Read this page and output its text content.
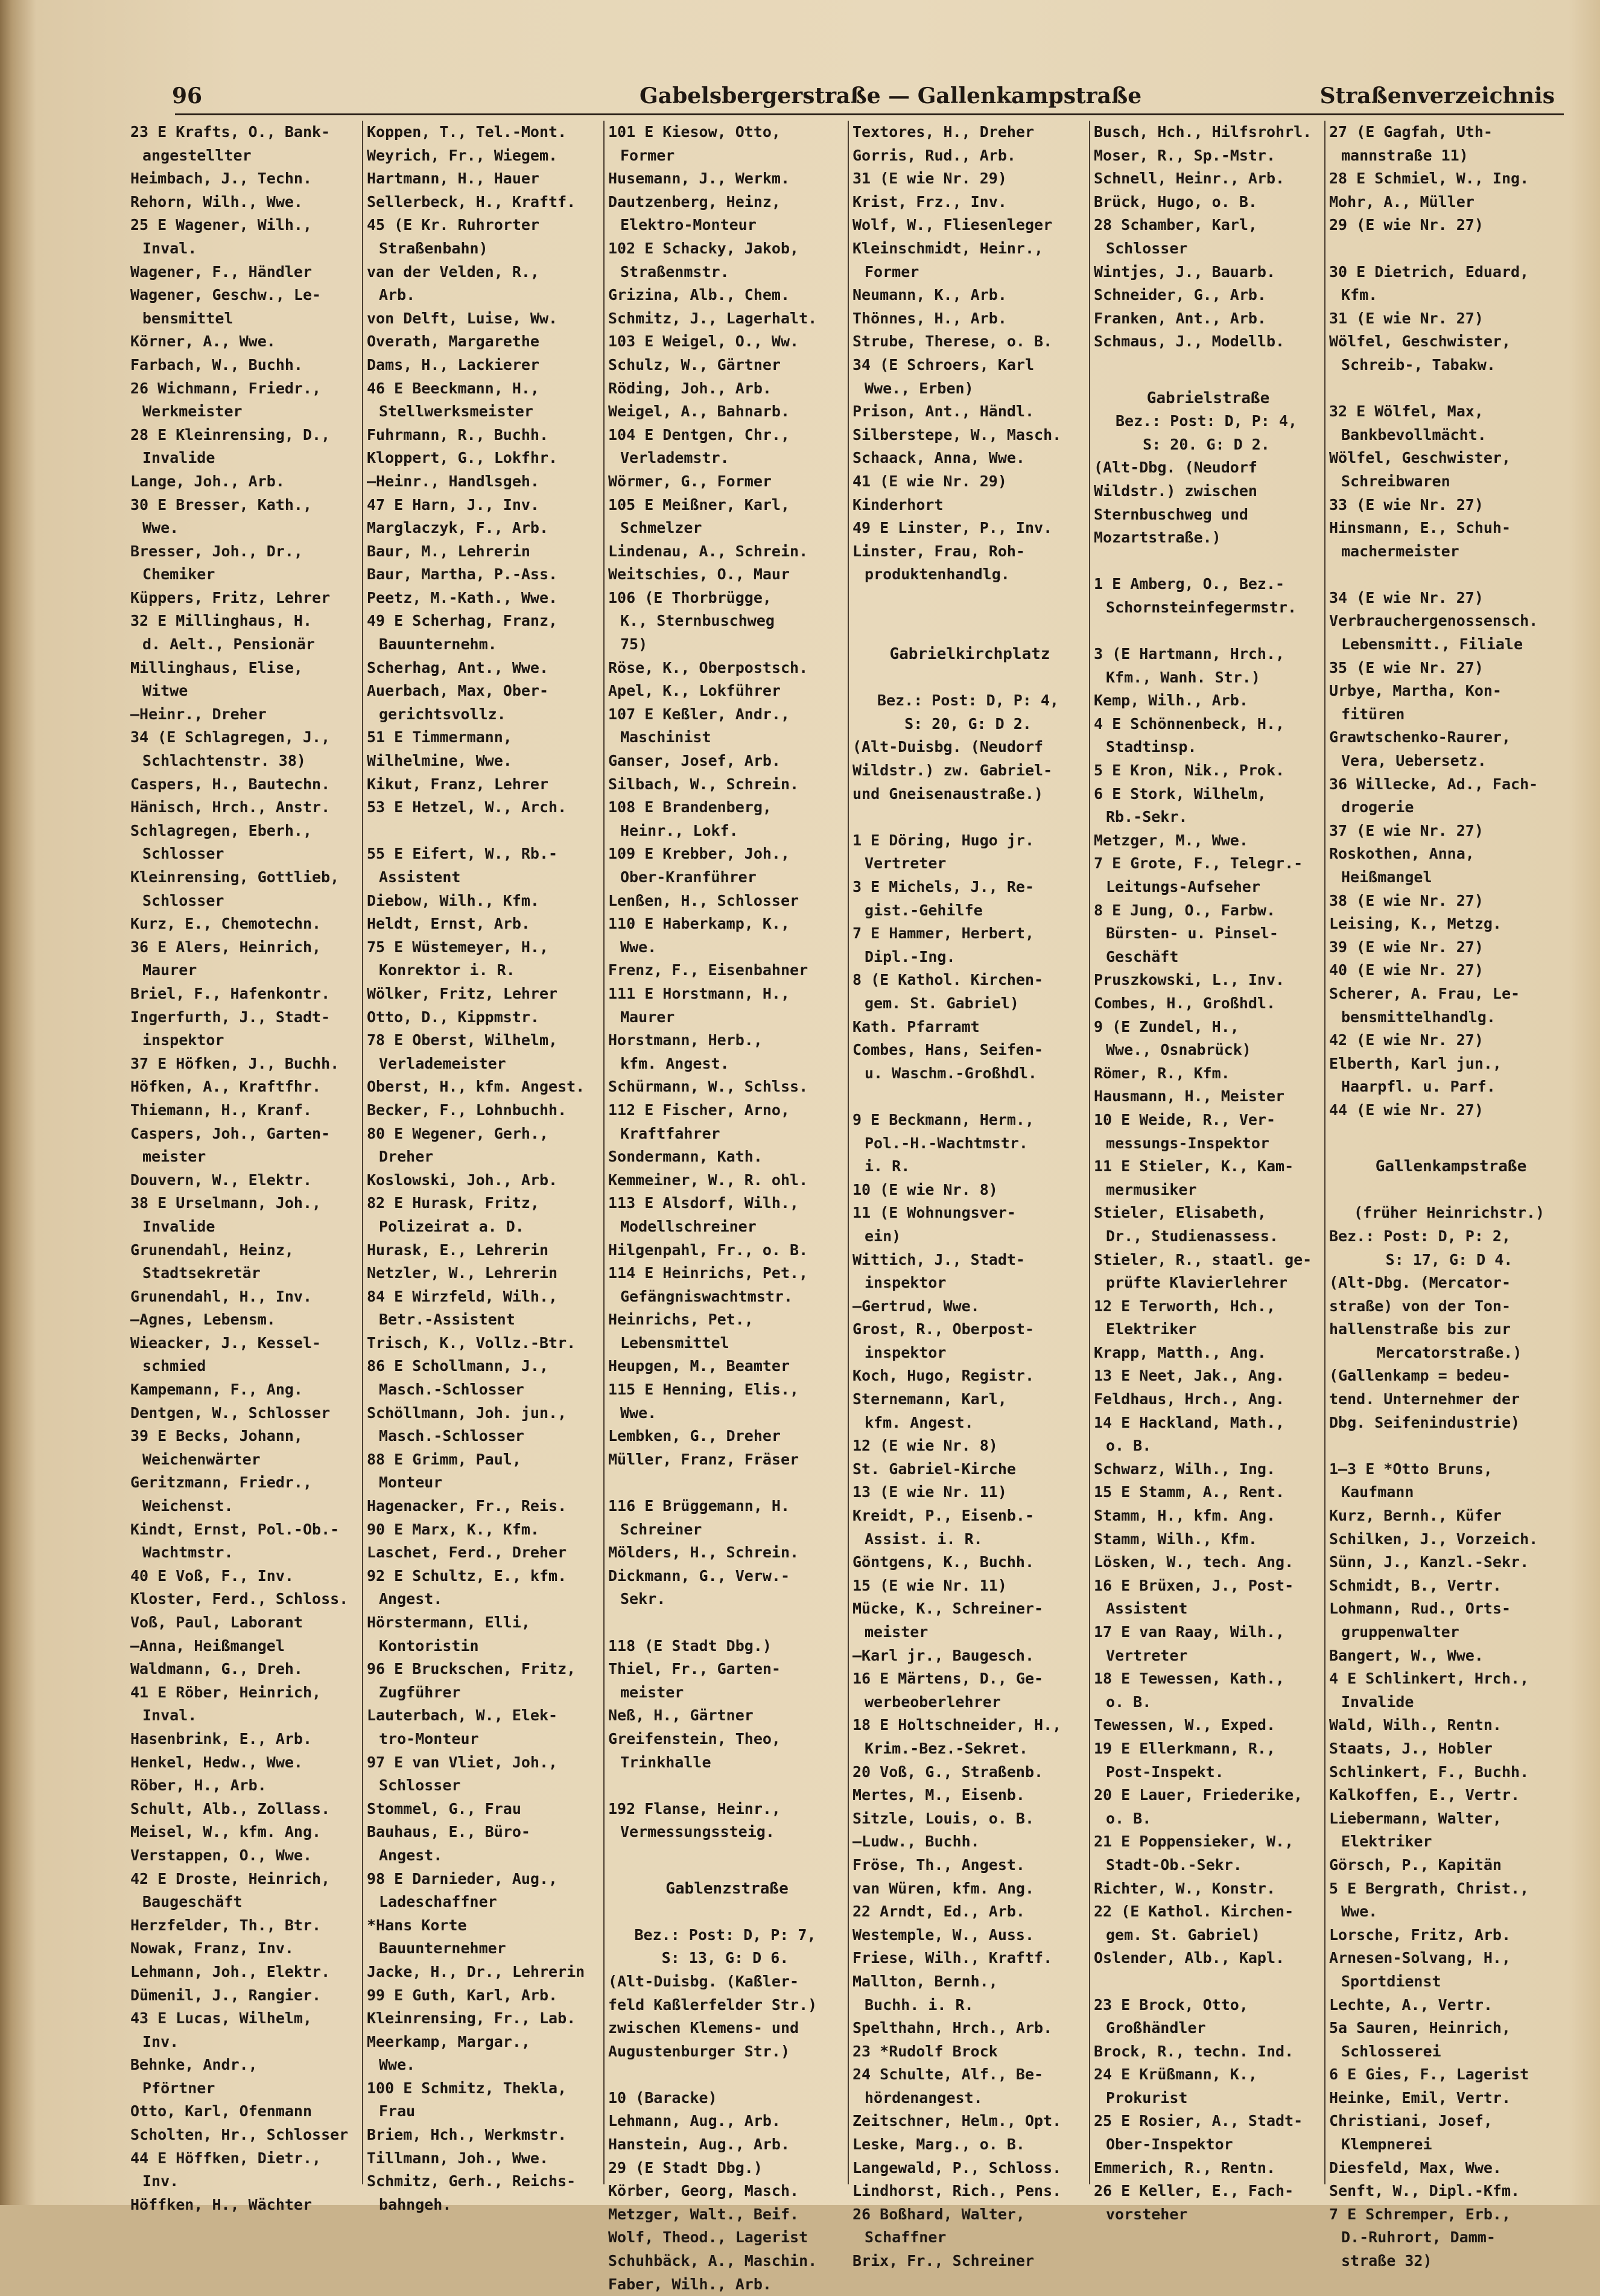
96	Gabelsbergerstraße — Gallenkampstraße	Straßenverzeichnis
23 E Krafts, O., Bank-
angestellter
Heimbach, J., Techn.
Rehorn, Wilh., Wwe.
25 E Wagener, Wilh.,
Inval.
Wagener, F., Händler
Wagener, Geschw., Le-
bensmittel
Körner, A., Wwe.
Farbach, W., Buchh.
26 Wichmann, Friedr.,
Werkmeister
28 E Kleinrensing, D.,
Invalide
Lange, Joh., Arb.
30 E Bresser, Kath.,
Wwe.
Bresser, Joh., Dr.,
Chemiker
Küppers, Fritz, Lehrer
32 E Millinghaus, H.
d. Aelt., Pensionär
Millinghaus, Elise,
Witwe
—Heinr., Dreher
34 (E Schlagregen, J.,
Schlachtenstr. 38)
Caspers, H., Bautechn.
Hänisch, Hrch., Anstr.
Schlagregen, Eberh.,
Schlosser
Kleinrensing, Gottlieb,
Schlosser
Kurz, E., Chemotechn.
36 E Alers, Heinrich,
Maurer
Briel, F., Hafenkontr.
Ingerfurth, J., Stadt-
inspektor
37 E Höfken, J., Buchh.
Höfken, A., Kraftfhr.
Thiemann, H., Kranf.
Caspers, Joh., Garten-
meister
Douvern, W., Elektr.
38 E Urselmann, Joh.,
Invalide
Grunendahl, Heinz,
Stadtsekretär
Grunendahl, H., Inv.
—Agnes, Lebensm.
Wieacker, J., Kessel-
schmied
Kampemann, F., Ang.
Dentgen, W., Schlosser
39 E Becks, Johann,
Weichenwärter
Geritzmann, Friedr.,
Weichenst.
Kindt, Ernst, Pol.-Ob.-
Wachtmstr.
40 E Voß, F., Inv.
Kloster, Ferd., Schloss.
Voß, Paul, Laborant
—Anna, Heißmangel
Waldmann, G., Dreh.
41 E Röber, Heinrich,
Inval.
Hasenbrink, E., Arb.
Henkel, Hedw., Wwe.
Röber, H., Arb.
Schult, Alb., Zollass.
Meisel, W., kfm. Ang.
Verstappen, O., Wwe.
42 E Droste, Heinrich,
Baugeschäft
Herzfelder, Th., Btr.
Nowak, Franz, Inv.
Lehmann, Joh., Elektr.
Dümenil, J., Rangier.
43 E Lucas, Wilhelm,
Inv.
Behnke, Andr.,
Pförtner
Otto, Karl, Ofenmann
Scholten, Hr., Schlosser
44 E Höffken, Dietr.,
Inv.
Höffken, H., Wächter
Koppen, T., Tel.-Mont.
Weyrich, Fr., Wiegem.
Hartmann, H., Hauer
Sellerbeck, H., Kraftf.
45 (E Kr. Ruhrorter
Straßenbahn)
van der Velden, R.,
Arb.
von Delft, Luise, Ww.
Overath, Margarethe
Dams, H., Lackierer
46 E Beeckmann, H.,
Stellwerksmeister
Fuhrmann, R., Buchh.
Kloppert, G., Lokfhr.
—Heinr., Handlsgeh.
47 E Harn, J., Inv.
Marglaczyk, F., Arb.
Baur, M., Lehrerin
Baur, Martha, P.-Ass.
Peetz, M.-Kath., Wwe.
49 E Scherhag, Franz,
Bauunternehm.
Scherhag, Ant., Wwe.
Auerbach, Max, Ober-
gerichtsvollz.
51 E Timmermann,
Wilhelmine, Wwe.
Kikut, Franz, Lehrer
53 E Hetzel, W., Arch.

55 E Eifert, W., Rb.-
Assistent
Diebow, Wilh., Kfm.
Heldt, Ernst, Arb.
75 E Wüstemeyer, H.,
Konrektor i. R.
Wölker, Fritz, Lehrer
Otto, D., Kippmstr.
78 E Oberst, Wilhelm,
Verlademeister
Oberst, H., kfm. Angest.
Becker, F., Lohnbuchh.
80 E Wegener, Gerh.,
Dreher
Koslowski, Joh., Arb.
82 E Hurask, Fritz,
Polizeirat a. D.
Hurask, E., Lehrerin
Netzler, W., Lehrerin
84 E Wirzfeld, Wilh.,
Betr.-Assistent
Trisch, K., Vollz.-Btr.
86 E Schollmann, J.,
Masch.-Schlosser
Schöllmann, Joh. jun.,
Masch.-Schlosser
88 E Grimm, Paul,
Monteur
Hagenacker, Fr., Reis.
90 E Marx, K., Kfm.
Laschet, Ferd., Dreher
92 E Schultz, E., kfm.
Angest.
Hörstermann, Elli,
Kontoristin
96 E Bruckschen, Fritz,
Zugführer
Lauterbach, W., Elek-
tro-Monteur
97 E van Vliet, Joh.,
Schlosser
Stommel, G., Frau
Bauhaus, E., Büro-
Angest.
98 E Darnieder, Aug.,
Ladeschaffner
*Hans Korte
Bauunternehmer
Jacke, H., Dr., Lehrerin
99 E Guth, Karl, Arb.
Kleinrensing, Fr., Lab.
Meerkamp, Margar.,
Wwe.
100 E Schmitz, Thekla,
Frau
Briem, Hch., Werkmstr.
Tillmann, Joh., Wwe.
Schmitz, Gerh., Reichs-
bahngeh.
101 E Kiesow, Otto,
Former
Husemann, J., Werkm.
Dautzenberg, Heinz,
Elektro-Monteur
102 E Schacky, Jakob,
Straßenmstr.
Grizina, Alb., Chem.
Schmitz, J., Lagerhalt.
103 E Weigel, O., Ww.
Schulz, W., Gärtner
Röding, Joh., Arb.
Weigel, A., Bahnarb.
104 E Dentgen, Chr.,
Verlademstr.
Wörmer, G., Former
105 E Meißner, Karl,
Schmelzer
Lindenau, A., Schrein.
Weitschies, O., Maur
106 (E Thorbrügge,
K., Sternbuschweg
75)
Röse, K., Oberpostsch.
Apel, K., Lokführer
107 E Keßler, Andr.,
Maschinist
Ganser, Josef, Arb.
Silbach, W., Schrein.
108 E Brandenberg,
Heinr., Lokf.
109 E Krebber, Joh.,
Ober-Kranführer
Lenßen, H., Schlosser
110 E Haberkamp, K.,
Wwe.
Frenz, F., Eisenbahner
111 E Horstmann, H.,
Maurer
Horstmann, Herb.,
kfm. Angest.
Schürmann, W., Schlss.
112 E Fischer, Arno,
Kraftfahrer
Sondermann, Kath.
Kemmeiner, W., R. ohl.
113 E Alsdorf, Wilh.,
Modellschreiner
Hilgenpahl, Fr., o. B.
114 E Heinrichs, Pet.,
Gefängniswachtmstr.
Heinrichs, Pet.,
Lebensmittel
Heupgen, M., Beamter
115 E Henning, Elis.,
Wwe.
Lembken, G., Dreher
Müller, Franz, Fräser

116 E Brüggemann, H.
Schreiner
Mölders, H., Schrein.
Dickmann, G., Verw.-
Sekr.

118 (E Stadt Dbg.)
Thiel, Fr., Garten-
meister
Neß, H., Gärtner
Greifenstein, Theo,
Trinkhalle

192 Flanse, Heinr.,
Vermessungssteig.

Gablenzstraße

Bez.: Post: D, P: 7,
S: 13, G: D 6.
(Alt-Duisbg. (Kaßler-
feld Kaßlerfelder Str.)
zwischen Klemens- und
Augustenburger Str.)

10 (Baracke)
Lehmann, Aug., Arb.
Hanstein, Aug., Arb.
29 (E Stadt Dbg.)
Körber, Georg, Masch.
Metzger, Walt., Beif.
Wolf, Theod., Lagerist
Schuhbäck, A., Maschin.
Faber, Wilh., Arb.
Textores, H., Dreher
Gorris, Rud., Arb.
31 (E wie Nr. 29)
Krist, Frz., Inv.
Wolf, W., Fliesenleger
Kleinschmidt, Heinr.,
Former
Neumann, K., Arb.
Thönnes, H., Arb.
Strube, Therese, o. B.
34 (E Schroers, Karl
Wwe., Erben)
Prison, Ant., Händl.
Silberstepe, W., Masch.
Schaack, Anna, Wwe.
41 (E wie Nr. 29)
Kinderhort
49 E Linster, P., Inv.
Linster, Frau, Roh-
produktenhandlg.

Gabrielkirchplatz

Bez.: Post: D, P: 4,
S: 20, G: D 2.
(Alt-Duisbg. (Neudorf
Wildstr.) zw. Gabriel-
und Gneisenaustraße.)

1 E Döring, Hugo jr.
Vertreter
3 E Michels, J., Re-
gist.-Gehilfe
7 E Hammer, Herbert,
Dipl.-Ing.
8 (E Kathol. Kirchen-
gem. St. Gabriel)
Kath. Pfarramt
Combes, Hans, Seifen-
u. Waschm.-Großhdl.

9 E Beckmann, Herm.,
Pol.-H.-Wachtmstr.
i. R.
10 (E wie Nr. 8)
11 (E Wohnungsver-
ein)
Wittich, J., Stadt-
inspektor
—Gertrud, Wwe.
Grost, R., Oberpost-
inspektor
Koch, Hugo, Registr.
Sternemann, Karl,
kfm. Angest.
12 (E wie Nr. 8)
St. Gabriel-Kirche
13 (E wie Nr. 11)
Kreidt, P., Eisenb.-
Assist. i. R.
Göntgens, K., Buchh.
15 (E wie Nr. 11)
Mücke, K., Schreiner-
meister
—Karl jr., Baugesch.
16 E Märtens, D., Ge-
werbeoberlehrer
18 E Holtschneider, H.,
Krim.-Bez.-Sekret.
20 Voß, G., Straßenb.
Mertes, M., Eisenb.
Sitzle, Louis, o. B.
—Ludw., Buchh.
Fröse, Th., Angest.
van Würen, kfm. Ang.
22 Arndt, Ed., Arb.
Westemple, W., Auss.
Friese, Wilh., Kraftf.
Mallton, Bernh.,
Buchh. i. R.
Spelthahn, Hrch., Arb.
23 *Rudolf Brock
24 Schulte, Alf., Be-
hördenangest.
Zeitschner, Helm., Opt.
Leske, Marg., o. B.
Langewald, P., Schloss.
Lindhorst, Rich., Pens.
26 Boßhard, Walter,
Schaffner
Brix, Fr., Schreiner
Busch, Hch., Hilfsrohrl.
Moser, R., Sp.-Mstr.
Schnell, Heinr., Arb.
Brück, Hugo, o. B.
28 Schamber, Karl,
Schlosser
Wintjes, J., Bauarb.
Schneider, G., Arb.
Franken, Ant., Arb.
Schmaus, J., Modellb.

Gabrielstraße
Bez.: Post: D, P: 4,
S: 20. G: D 2.
(Alt-Dbg. (Neudorf
Wildstr.) zwischen
Sternbuschweg und
Mozartstraße.)

1 E Amberg, O., Bez.-
Schornsteinfegermstr.

3 (E Hartmann, Hrch.,
Kfm., Wanh. Str.)
Kemp, Wilh., Arb.
4 E Schönnenbeck, H.,
Stadtinsp.
5 E Kron, Nik., Prok.
6 E Stork, Wilhelm,
Rb.-Sekr.
Metzger, M., Wwe.
7 E Grote, F., Telegr.-
Leitungs-Aufseher
8 E Jung, O., Farbw.
Bürsten- u. Pinsel-
Geschäft
Pruszkowski, L., Inv.
Combes, H., Großhdl.
9 (E Zundel, H.,
Wwe., Osnabrück)
Römer, R., Kfm.
Hausmann, H., Meister
10 E Weide, R., Ver-
messungs-Inspektor
11 E Stieler, K., Kam-
mermusiker
Stieler, Elisabeth,
Dr., Studienassess.
Stieler, R., staatl. ge-
prüfte Klavierlehrer
12 E Terworth, Hch.,
Elektriker
Krapp, Matth., Ang.
13 E Neet, Jak., Ang.
Feldhaus, Hrch., Ang.
14 E Hackland, Math.,
o. B.
Schwarz, Wilh., Ing.
15 E Stamm, A., Rent.
Stamm, H., kfm. Ang.
Stamm, Wilh., Kfm.
Lösken, W., tech. Ang.
16 E Brüxen, J., Post-
Assistent
17 E van Raay, Wilh.,
Vertreter
18 E Tewessen, Kath.,
o. B.
Tewessen, W., Exped.
19 E Ellerkmann, R.,
Post-Inspekt.
20 E Lauer, Friederike,
o. B.
21 E Poppensieker, W.,
Stadt-Ob.-Sekr.
Richter, W., Konstr.
22 (E Kathol. Kirchen-
gem. St. Gabriel)
Oslender, Alb., Kapl.

23 E Brock, Otto,
Großhändler
Brock, R., techn. Ind.
24 E Krüßmann, K.,
Prokurist
25 E Rosier, A., Stadt-
Ober-Inspektor
Emmerich, R., Rentn.
26 E Keller, E., Fach-
vorsteher
27 (E Gagfah, Uth-
mannstraße 11)
28 E Schmiel, W., Ing.
Mohr, A., Müller
29 (E wie Nr. 27)

30 E Dietrich, Eduard,
Kfm.
31 (E wie Nr. 27)
Wölfel, Geschwister,
Schreib-, Tabakw.

32 E Wölfel, Max,
Bankbevollmächt.
Wölfel, Geschwister,
Schreibwaren
33 (E wie Nr. 27)
Hinsmann, E., Schuh-
machermeister

34 (E wie Nr. 27)
Verbrauchergenossensch.
Lebensmitt., Filiale
35 (E wie Nr. 27)
Urbye, Martha, Kon-
fitüren
Grawtschenko-Raurer,
Vera, Uebersetz.
36 Willecke, Ad., Fach-
drogerie
37 (E wie Nr. 27)
Roskothen, Anna,
Heißmangel
38 (E wie Nr. 27)
Leising, K., Metzg.
39 (E wie Nr. 27)
40 (E wie Nr. 27)
Scherer, A. Frau, Le-
bensmittelhandlg.
42 (E wie Nr. 27)
Elberth, Karl jun.,
Haarpfl. u. Parf.
44 (E wie Nr. 27)

Gallenkampstraße

(früher Heinrichstr.)
Bez.: Post: D, P: 2,
S: 17, G: D 4.
(Alt-Dbg. (Mercator-
straße) von der Ton-
hallenstraße bis zur
Mercatorstraße.)
(Gallenkamp = bedeu-
tend. Unternehmer der
Dbg. Seifenindustrie)

1—3 E *Otto Bruns,
Kaufmann
Kurz, Bernh., Küfer
Schilken, J., Vorzeich.
Sünn, J., Kanzl.-Sekr.
Schmidt, B., Vertr.
Lohmann, Rud., Orts-
gruppenwalter
Bangert, W., Wwe.
4 E Schlinkert, Hrch.,
Invalide
Wald, Wilh., Rentn.
Staats, J., Hobler
Schlinkert, F., Buchh.
Kalkoffen, E., Vertr.
Liebermann, Walter,
Elektriker
Görsch, P., Kapitän
5 E Bergrath, Christ.,
Wwe.
Lorsche, Fritz, Arb.
Arnesen-Solvang, H.,
Sportdienst
Lechte, A., Vertr.
5a Sauren, Heinrich,
Schlosserei
6 E Gies, F., Lagerist
Heinke, Emil, Vertr.
Christiani, Josef,
Klempnerei
Diesfeld, Max, Wwe.
Senft, W., Dipl.-Kfm.
7 E Schremper, Erb.,
D.-Ruhrort, Damm-
straße 32)
